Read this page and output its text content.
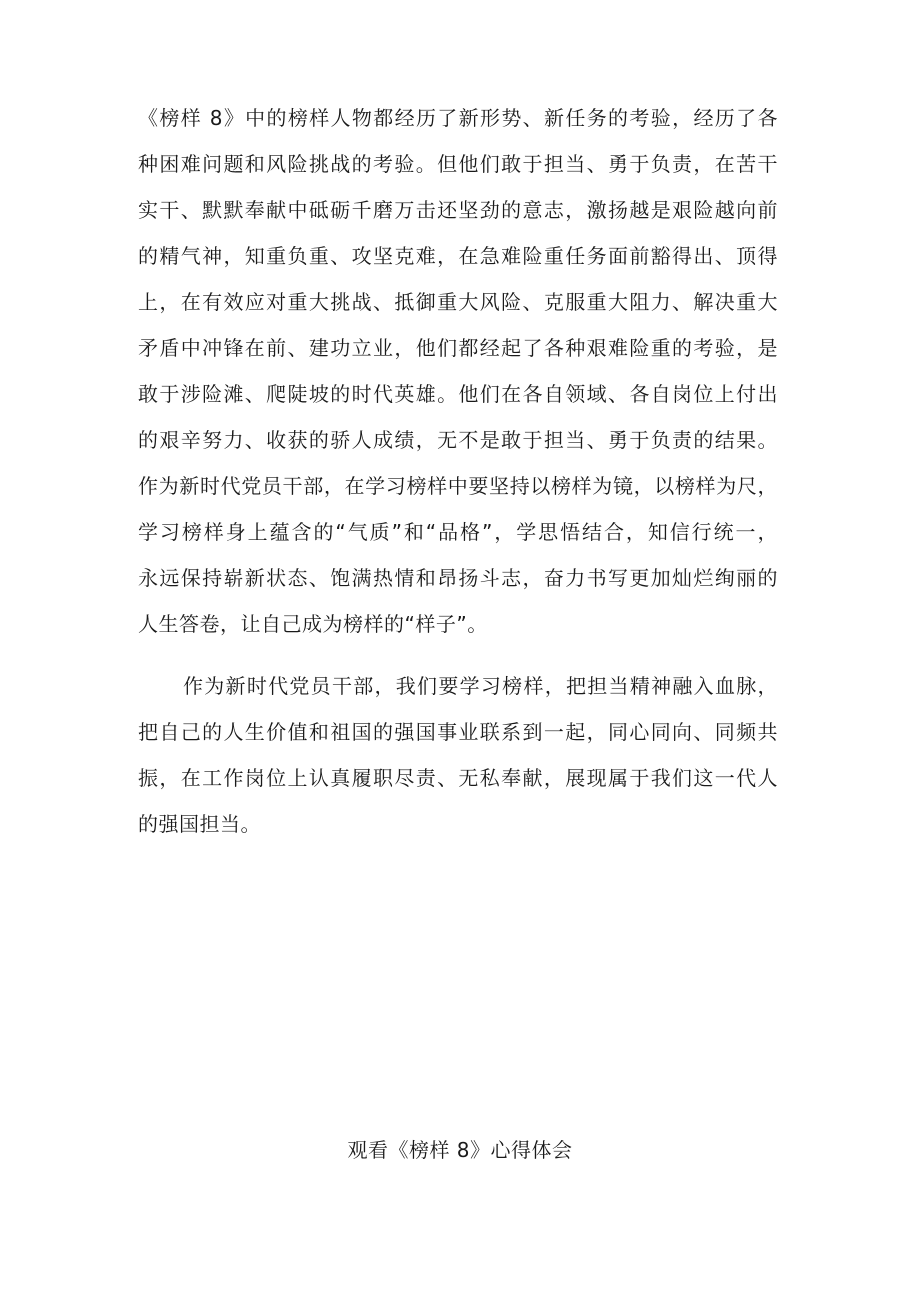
《榜样 8》中的榜样人物都经历了新形势、新任务的考验，经历了各
种困难问题和风险挑战的考验。但他们敢于担当、勇于负责，在苦干
实干、默默奉献中砥砺千磨万击还坚劲的意志，激扬越是艰险越向前
的精气神，知重负重、攻坚克难，在急难险重任务面前豁得出、顶得
上，在有效应对重大挑战、抵御重大风险、克服重大阻力、解决重大
矛盾中冲锋在前、建功立业，他们都经起了各种艰难险重的考验，是
敢于涉险滩、爬陡坡的时代英雄。他们在各自领域、各自岗位上付出
的艰辛努力、收获的骄人成绩，无不是敢于担当、勇于负责的结果。
作为新时代党员干部，在学习榜样中要坚持以榜样为镜，以榜样为尺，
学习榜样身上蕴含的“气质”和“品格”，学思悟结合，知信行统一，
永远保持崭新状态、饱满热情和昂扬斗志，奋力书写更加灿烂绚丽的
人生答卷，让自己成为榜样的“样子”。
作为新时代党员干部，我们要学习榜样，把担当精神融入血脉，
把自己的人生价值和祖国的强国事业联系到一起，同心同向、同频共
振，在工作岗位上认真履职尽责、无私奉献，展现属于我们这一代人
的强国担当。
观看《榜样 8》心得体会
